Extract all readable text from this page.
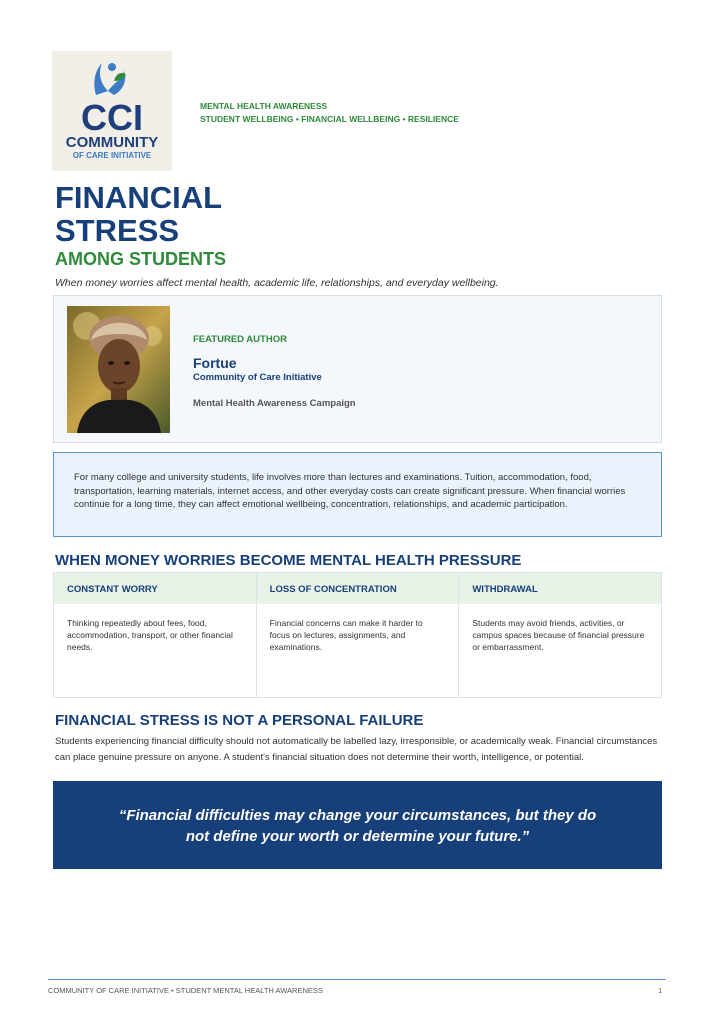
CCI
COMMUNITY
OF CARE INITIATIVE
MENTAL HEALTH AWARENESS
STUDENT WELLBEING • FINANCIAL WELLBEING • RESILIENCE
FINANCIAL
STRESS
AMONG STUDENTS
When money worries affect mental health, academic life, relationships, and everyday wellbeing.
FEATURED AUTHOR
Fortue
Community of Care Initiative
Mental Health Awareness Campaign
For many college and university students, life involves more than lectures and examinations. Tuition, accommodation, food, transportation, learning materials, internet access, and other everyday costs can create significant pressure. When financial worries continue for a long time, they can affect emotional wellbeing, concentration, relationships, and academic participation.
WHEN MONEY WORRIES BECOME MENTAL HEALTH PRESSURE
CONSTANT WORRY
Thinking repeatedly about fees, food, accommodation, transport, or other financial needs.
LOSS OF CONCENTRATION
Financial concerns can make it harder to focus on lectures, assignments, and examinations.
WITHDRAWAL
Students may avoid friends, activities, or campus spaces because of financial pressure or embarrassment.
FINANCIAL STRESS IS NOT A PERSONAL FAILURE
Students experiencing financial difficulty should not automatically be labelled lazy, irresponsible, or academically weak. Financial circumstances can place genuine pressure on anyone. A student's financial situation does not determine their worth, intelligence, or potential.
“Financial difficulties may change your circumstances, but they do not define your worth or determine your future.”
COMMUNITY OF CARE INITIATIVE • STUDENT MENTAL HEALTH AWARENESS	1
